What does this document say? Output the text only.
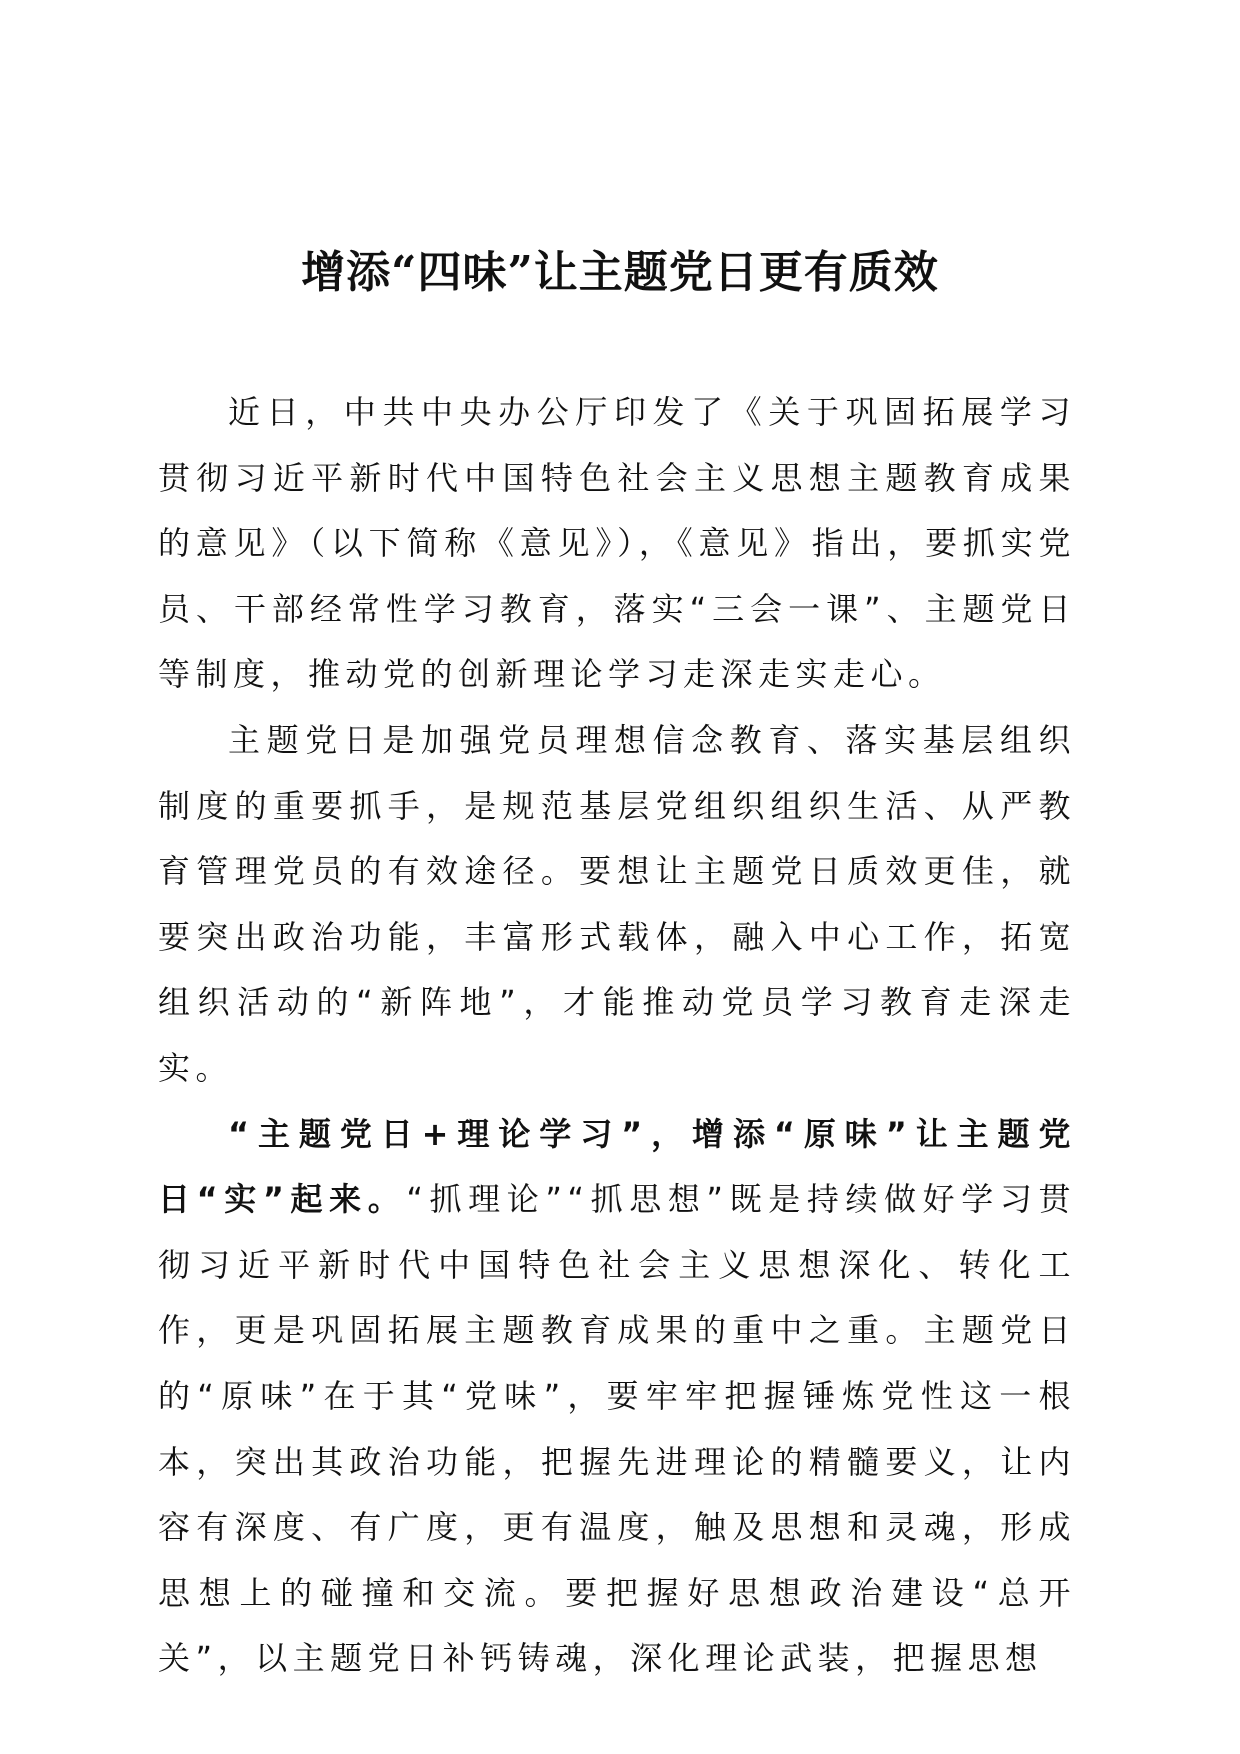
增添“四味”让主题党日更有质效

近日，中共中央办公厅印发了《关于巩固拓展学习贯彻习近平新时代中国特色社会主义思想主题教育成果的意见》（以下简称《意见》），《意见》指出，要抓实党员、干部经常性学习教育，落实“三会一课”、主题党日等制度，推动党的创新理论学习走深走实走心。

主题党日是加强党员理想信念教育、落实基层组织制度的重要抓手，是规范基层党组织组织生活、从严教育管理党员的有效途径。要想让主题党日质效更佳，就要突出政治功能，丰富形式载体，融入中心工作，拓宽组织活动的“新阵地”，才能推动党员学习教育走深走实。

“主题党日+理论学习”，增添“原味”让主题党日“实”起来。“抓理论”“抓思想”既是持续做好学习贯彻习近平新时代中国特色社会主义思想深化、转化工作，更是巩固拓展主题教育成果的重中之重。主题党日的“原味”在于其“党味”，要牢牢把握锤炼党性这一根本，突出其政治功能，把握先进理论的精髓要义，让内容有深度、有广度，更有温度，触及思想和灵魂，形成思想上的碰撞和交流。要把握好思想政治建设“总开关”，以主题党日补钙铸魂，深化理论武装，把握思想
